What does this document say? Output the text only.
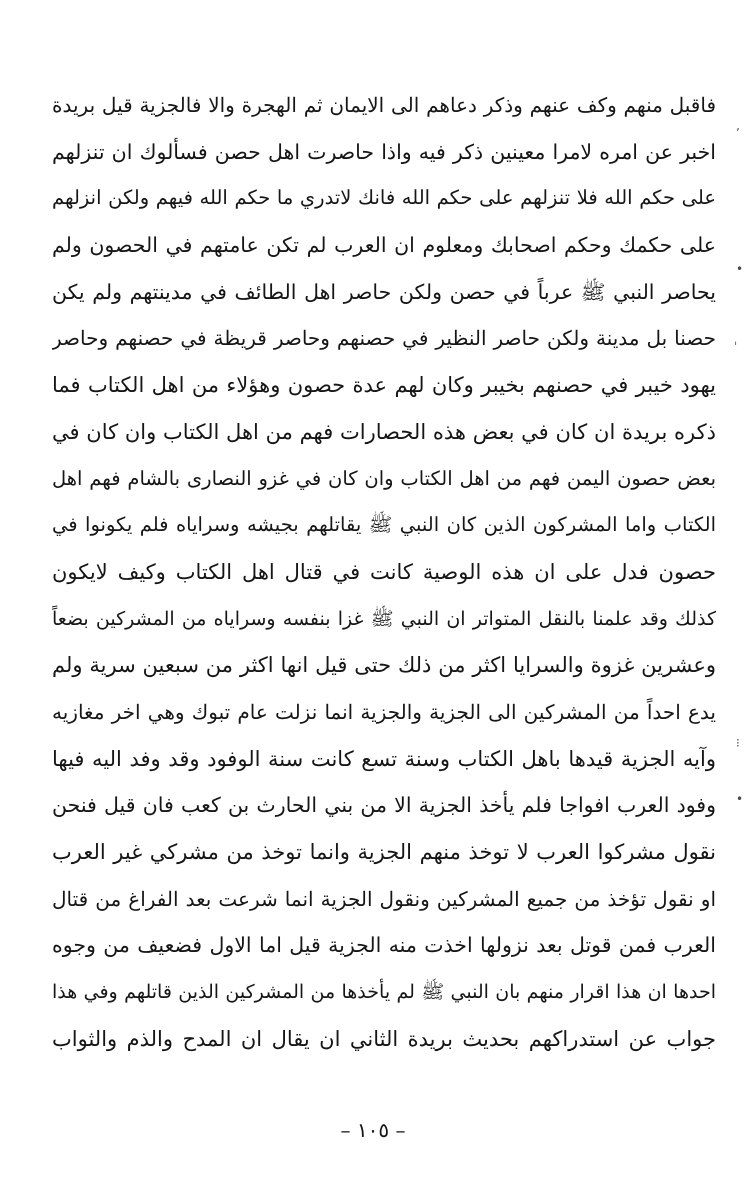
فاقبل منهم وكف عنهم وذكر دعاهم الى الايمان ثم الهجرة والا فالجزية قيل بريدة
اخبر عن امره لامرا معينين ذكر فيه واذا حاصرت اهل حصن فسألوك ان تنزلهم
على حكم الله فلا تنزلهم على حكم الله فانك لاتدري ما حكم الله فيهم ولكن انزلهم
على حكمك وحكم اصحابك ومعلوم ان العرب لم تكن عامتهم في الحصون ولم
يحاصر النبي ﷺ عرباً في حصن ولكن حاصر اهل الطائف في مدينتهم ولم يكن
حصنا بل مدينة ولكن حاصر النظير في حصنهم وحاصر قريظة في حصنهم وحاصر
يهود خيبر في حصنهم بخيبر وكان لهم عدة حصون وهؤلاء من اهل الكتاب فما
ذكره بريدة ان كان في بعض هذه الحصارات فهم من اهل الكتاب وان كان في
بعض حصون اليمن فهم من اهل الكتاب وان كان في غزو النصارى بالشام فهم اهل
الكتاب واما المشركون الذين كان النبي ﷺ يقاتلهم بجيشه وسراياه فلم يكونوا في
حصون فدل على ان هذه الوصية كانت في قتال اهل الكتاب وكيف لايكون
كذلك وقد علمنا بالنقل المتواتر ان النبي ﷺ غزا بنفسه وسراياه من المشركين بضعاً
وعشرين غزوة والسرايا اكثر من ذلك حتى قيل انها اكثر من سبعين سرية ولم
يدع احداً من المشركين الى الجزية والجزية انما نزلت عام تبوك وهي اخر مغازيه
وآيه الجزية قيدها باهل الكتاب وسنة تسع كانت سنة الوفود وقد وفد اليه فيها
وفود العرب افواجا فلم يأخذ الجزية الا من بني الحارث بن كعب فان قيل فنحن
نقول مشركوا العرب لا توخذ منهم الجزية وانما توخذ من مشركي غير العرب
او نقول تؤخذ من جميع المشركين ونقول الجزية انما شرعت بعد الفراغ من قتال
العرب فمن قوتل بعد نزولها اخذت منه الجزية قيل اما الاول فضعيف من وجوه
احدها ان هذا اقرار منهم بان النبي ﷺ لم يأخذها من المشركين الذين قاتلهم وفي هذا
جواب عن استدراكهم بحديث بريدة الثاني ان يقال ان المدح والذم والثواب
– ١٠٥ –
ʼ
•
ˈ
⁝
•
